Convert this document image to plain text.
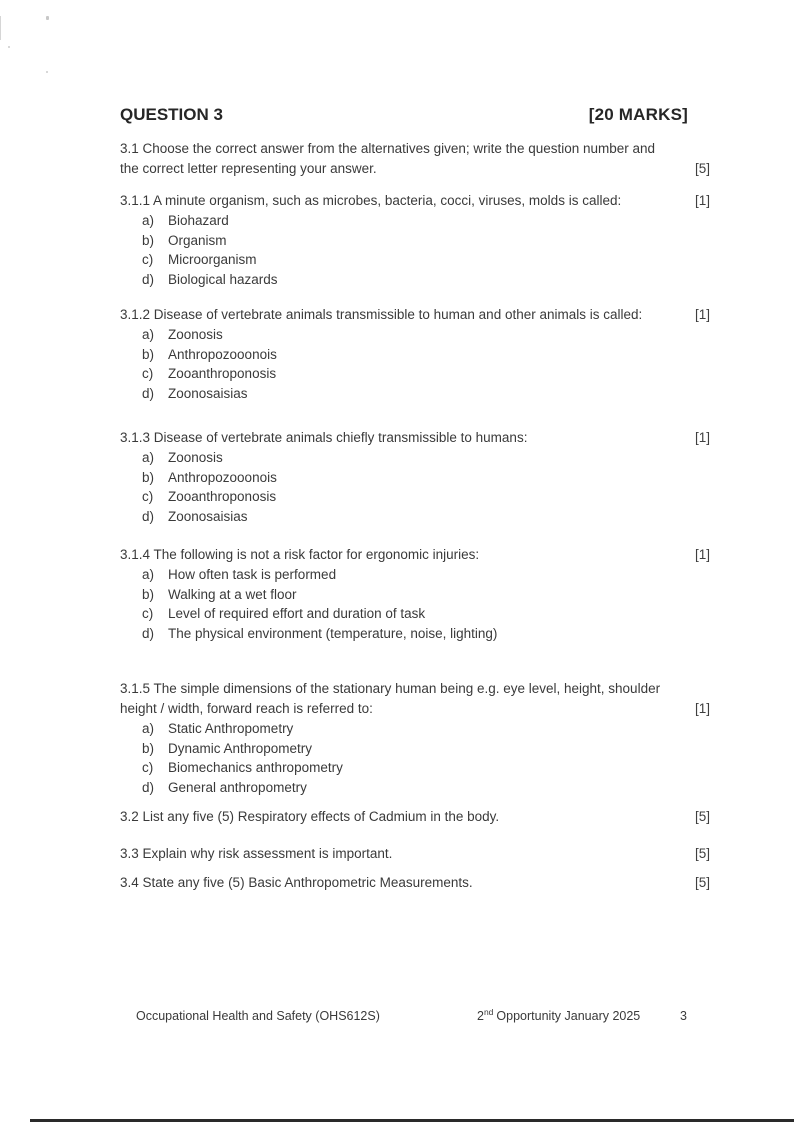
QUESTION 3	[20 MARKS]
3.1 Choose the correct answer from the alternatives given; write the question number and
the correct letter representing your answer.	[5]
3.1.1 A minute organism, such as microbes, bacteria, cocci, viruses, molds is called:	[1]
a)	Biohazard
b)	Organism
c)	Microorganism
d)	Biological hazards
3.1.2 Disease of vertebrate animals transmissible to human and other animals is called:	[1]
a)	Zoonosis
b)	Anthropozooonois
c)	Zooanthroponosis
d)	Zoonosaisias
3.1.3 Disease of vertebrate animals chiefly transmissible to humans:	[1]
a)	Zoonosis
b)	Anthropozooonois
c)	Zooanthroponosis
d)	Zoonosaisias
3.1.4 The following is not a risk factor for ergonomic injuries:	[1]
a)	How often task is performed
b)	Walking at a wet floor
c)	Level of required effort and duration of task
d)	The physical environment (temperature, noise, lighting)
3.1.5 The simple dimensions of the stationary human being e.g. eye level, height, shoulder
height / width, forward reach is referred to:	[1]
a)	Static Anthropometry
b)	Dynamic Anthropometry
c)	Biomechanics anthropometry
d)	General anthropometry
3.2 List any five (5) Respiratory effects of Cadmium in the body.	[5]
3.3 Explain why risk assessment is important.	[5]
3.4 State any five (5) Basic Anthropometric Measurements.	[5]
Occupational Health and Safety (OHS612S)	2nd Opportunity January 2025	3
